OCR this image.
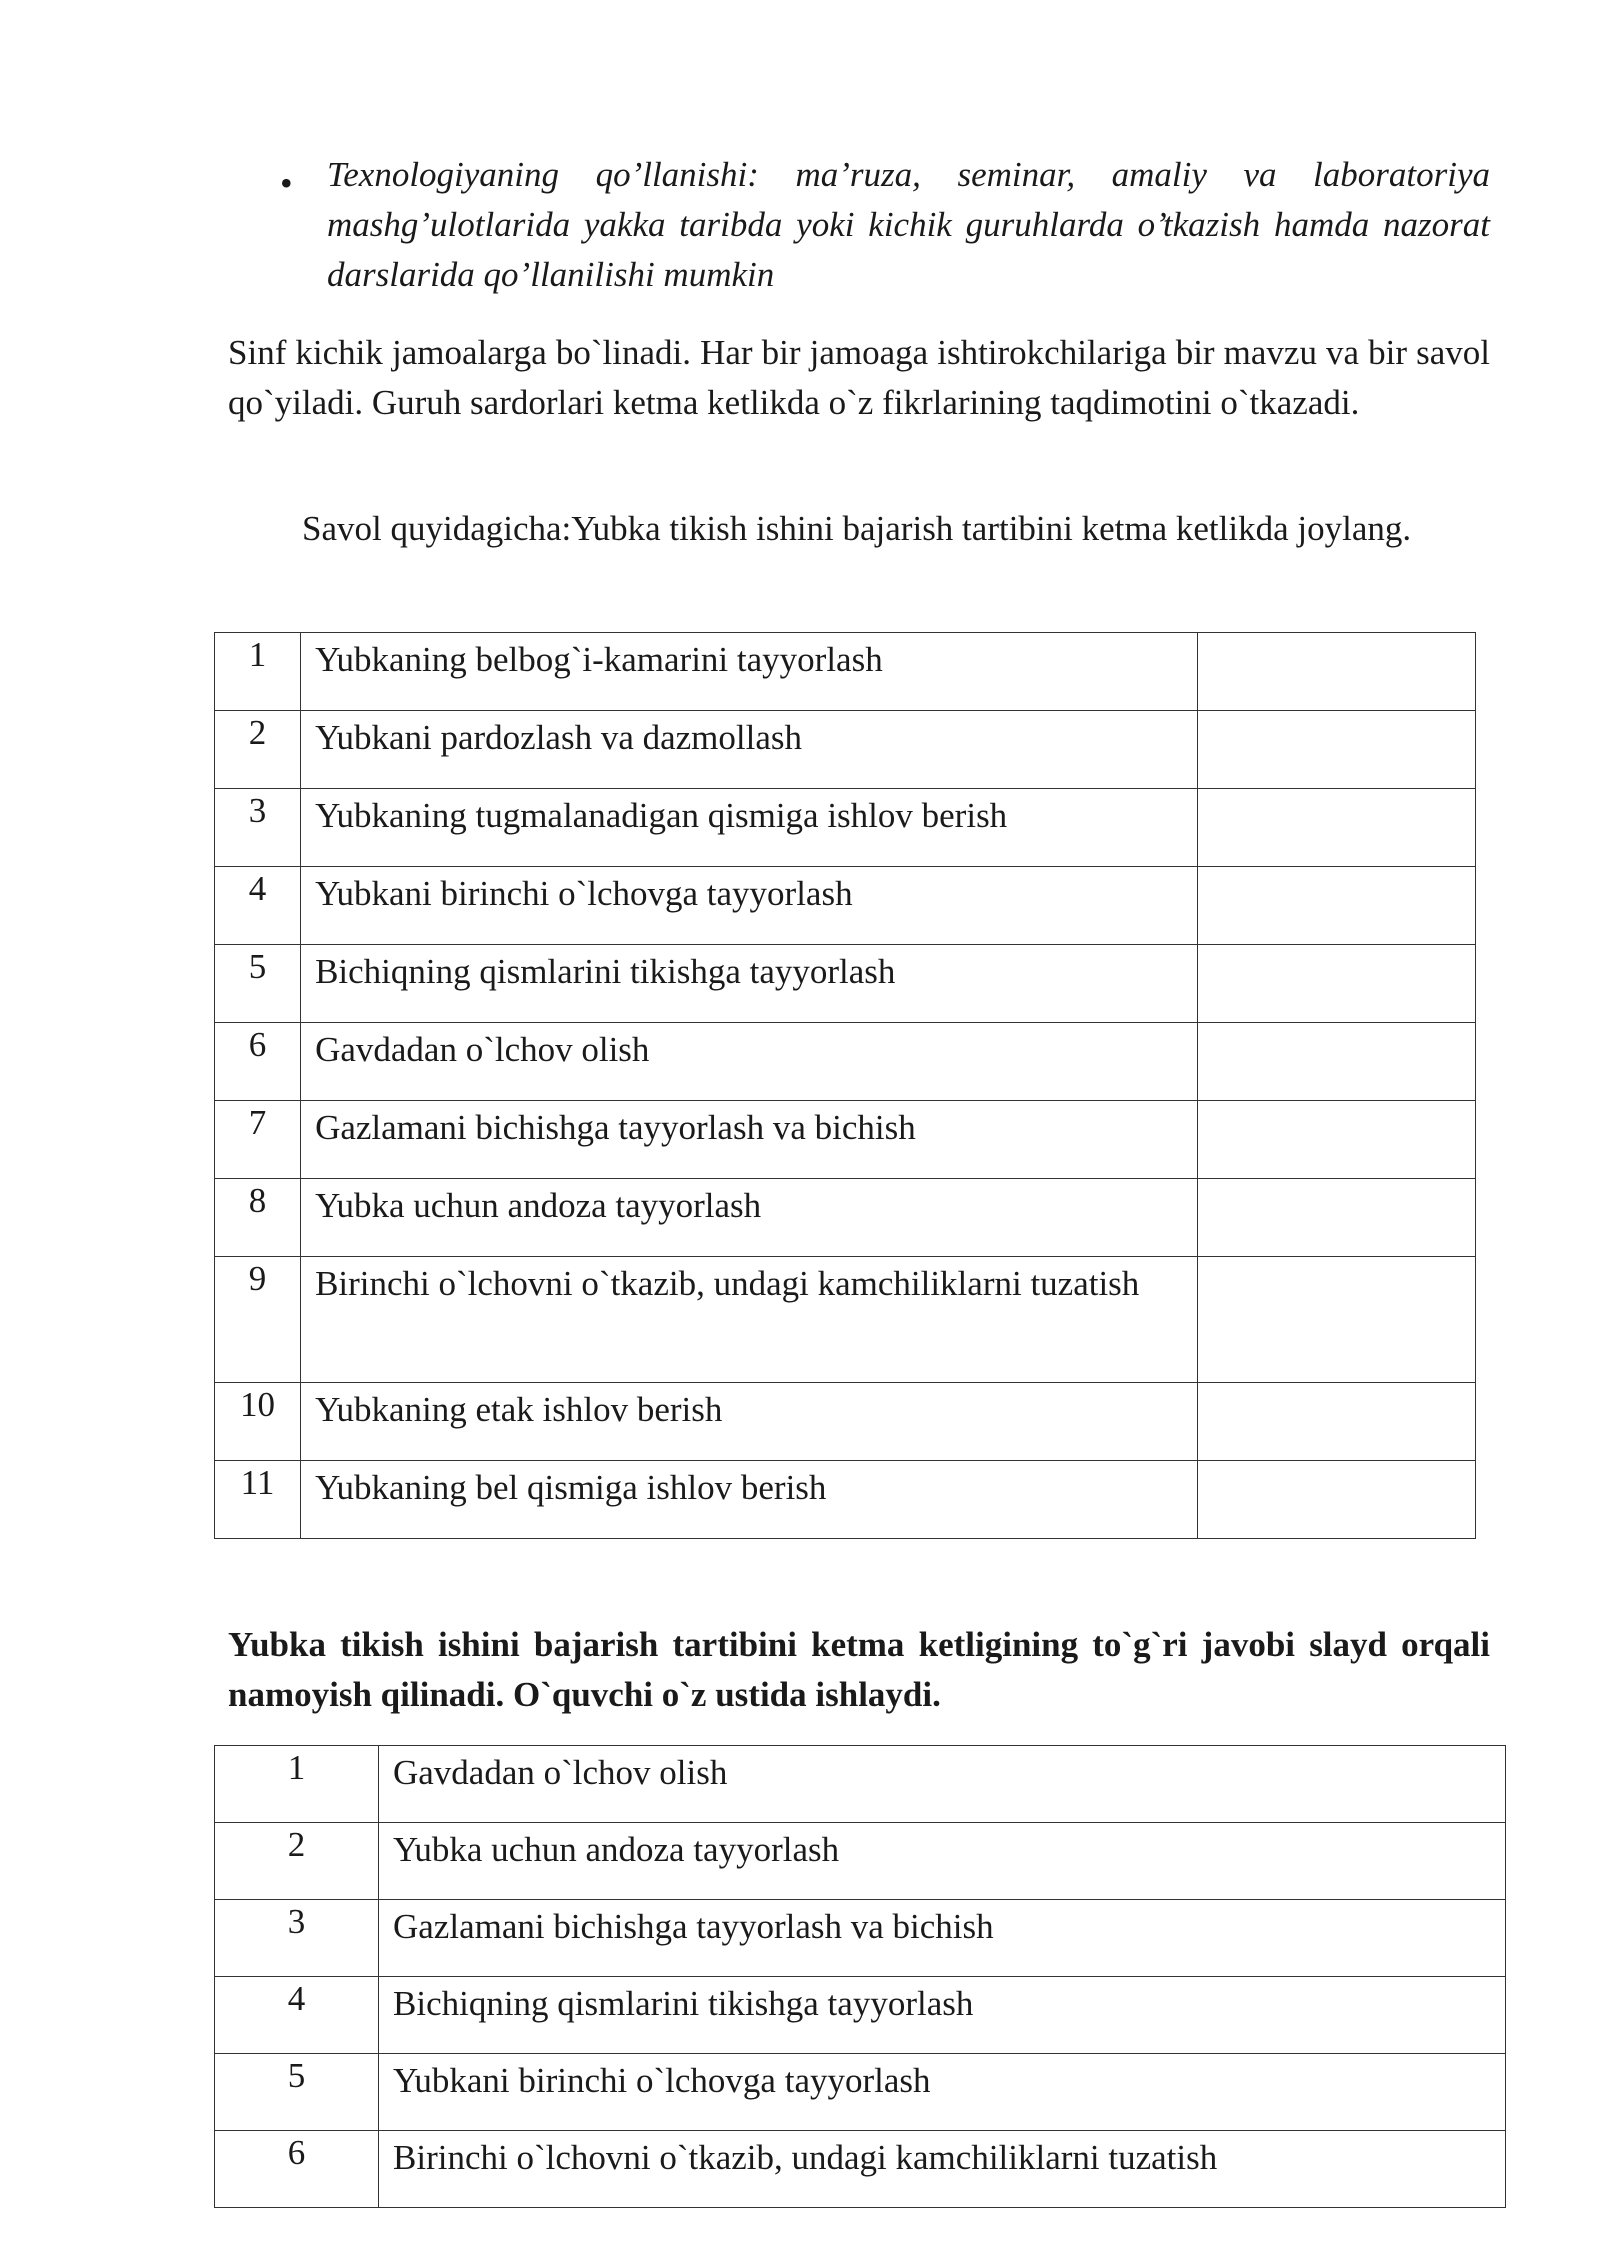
• Texnologiyaning qo’llanishi: ma’ruza, seminar, amaliy va laboratoriya mashg’ulotlarida yakka taribda yoki kichik guruhlarda o’tkazish hamda nazorat darslarida qo’llanilishi mumkin
Sinf kichik jamoalarga bo`linadi. Har bir jamoaga ishtirokchilariga bir mavzu va bir savol qo`yiladi. Guruh sardorlari ketma ketlikda o`z fikrlarining taqdimotini o`tkazadi.
Savol quyidagicha:Yubka tikish ishini bajarish tartibini ketma ketlikda joylang.
1	Yubkaning belbog`i-kamarini tayyorlash	
2	Yubkani pardozlash va dazmollash	
3	Yubkaning tugmalanadigan qismiga ishlov berish	
4	Yubkani birinchi o`lchovga tayyorlash	
5	Bichiqning qismlarini tikishga tayyorlash	
6	Gavdadan o`lchov olish	
7	Gazlamani bichishga tayyorlash va bichish	
8	Yubka uchun andoza tayyorlash	
9	Birinchi o`lchovni o`tkazib, undagi kamchiliklarni tuzatish	
10	Yubkaning etak ishlov berish	
11	Yubkaning bel qismiga ishlov berish	
Yubka tikish ishini bajarish tartibini ketma ketligining to`g`ri javobi slayd orqali namoyish qilinadi. O`quvchi o`z ustida ishlaydi.
1	Gavdadan o`lchov olish
2	Yubka uchun andoza tayyorlash
3	Gazlamani bichishga tayyorlash va bichish
4	Bichiqning qismlarini tikishga tayyorlash
5	Yubkani birinchi o`lchovga tayyorlash
6	Birinchi o`lchovni o`tkazib, undagi kamchiliklarni tuzatish
